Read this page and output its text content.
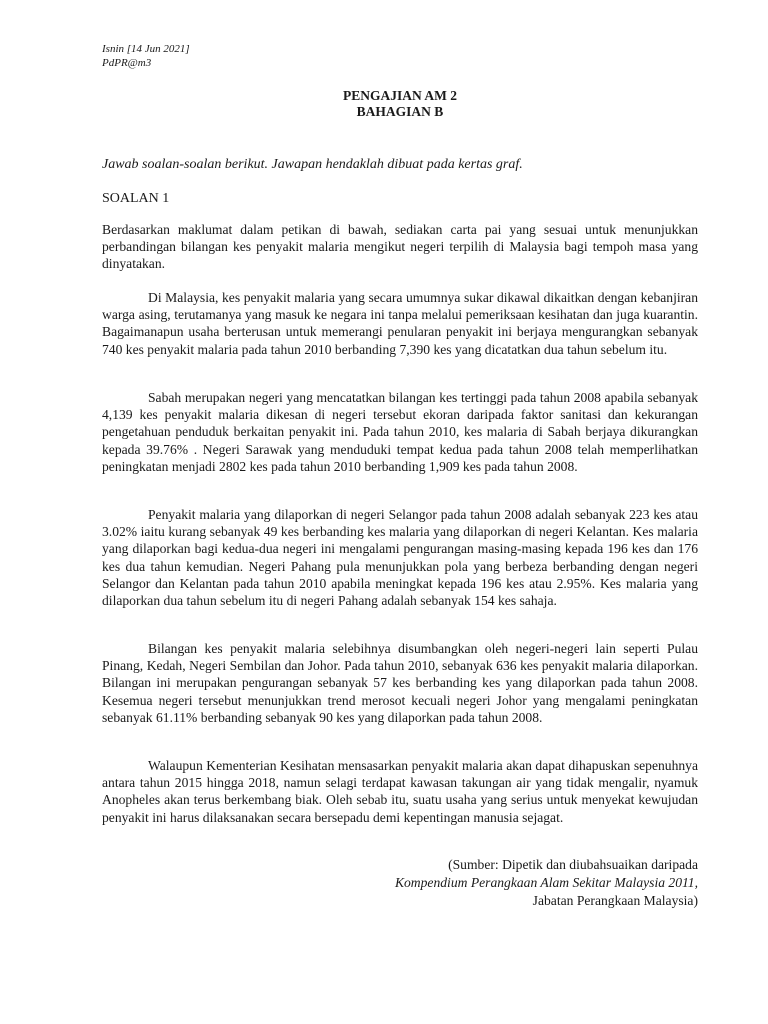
Isnin [14 Jun 2021]
PdPR@m3
PENGAJIAN AM 2
BAHAGIAN B
Jawab soalan-soalan berikut. Jawapan hendaklah dibuat pada kertas graf.
SOALAN 1

Berdasarkan maklumat dalam petikan di bawah, sediakan carta pai yang sesuai untuk menunjukkan perbandingan bilangan kes penyakit malaria mengikut negeri terpilih di Malaysia bagi tempoh masa yang dinyatakan.

Di Malaysia, kes penyakit malaria yang secara umumnya sukar dikawal dikaitkan dengan kebanjiran warga asing, terutamanya yang masuk ke negara ini tanpa melalui pemeriksaan kesihatan dan juga kuarantin. Bagaimanapun usaha berterusan untuk memerangi penularan penyakit ini berjaya mengurangkan sebanyak 740 kes penyakit malaria pada tahun 2010 berbanding 7,390 kes yang dicatatkan dua tahun sebelum itu.

Sabah merupakan negeri yang mencatatkan bilangan kes tertinggi pada tahun 2008 apabila sebanyak 4,139 kes penyakit malaria dikesan di negeri tersebut ekoran daripada faktor sanitasi dan kekurangan pengetahuan penduduk berkaitan penyakit ini. Pada tahun 2010, kes malaria di Sabah berjaya dikurangkan kepada 39.76% . Negeri Sarawak yang menduduki tempat kedua pada tahun 2008 telah memperlihatkan peningkatan menjadi 2802 kes pada tahun 2010 berbanding 1,909 kes pada tahun 2008.

Penyakit malaria yang dilaporkan di negeri Selangor pada tahun 2008 adalah sebanyak 223 kes atau 3.02% iaitu kurang sebanyak 49 kes berbanding kes malaria yang dilaporkan di negeri Kelantan. Kes malaria yang dilaporkan bagi kedua-dua negeri ini mengalami pengurangan masing-masing kepada 196 kes dan 176 kes dua tahun kemudian. Negeri Pahang pula menunjukkan pola yang berbeza berbanding dengan negeri Selangor dan Kelantan pada tahun 2010 apabila meningkat kepada 196 kes atau 2.95%. Kes malaria yang dilaporkan dua tahun sebelum itu di negeri Pahang adalah sebanyak 154 kes sahaja.

Bilangan kes penyakit malaria selebihnya disumbangkan oleh negeri-negeri lain seperti Pulau Pinang, Kedah, Negeri Sembilan dan Johor. Pada tahun 2010, sebanyak 636 kes penyakit malaria dilaporkan. Bilangan ini merupakan pengurangan sebanyak 57 kes berbanding kes yang dilaporkan pada tahun 2008. Kesemua negeri tersebut menunjukkan trend merosot kecuali negeri Johor yang mengalami peningkatan sebanyak 61.11% berbanding sebanyak 90 kes yang dilaporkan pada tahun 2008.

Walaupun Kementerian Kesihatan mensasarkan penyakit malaria akan dapat dihapuskan sepenuhnya antara tahun 2015 hingga 2018, namun selagi terdapat kawasan takungan air yang tidak mengalir, nyamuk Anopheles akan terus berkembang biak. Oleh sebab itu, suatu usaha yang serius untuk menyekat kewujudan penyakit ini harus dilaksanakan secara bersepadu demi kepentingan manusia sejagat.

(Sumber: Dipetik dan diubahsuaikan daripada
Kompendium Perangkaan Alam Sekitar Malaysia 2011,
Jabatan Perangkaan Malaysia)
